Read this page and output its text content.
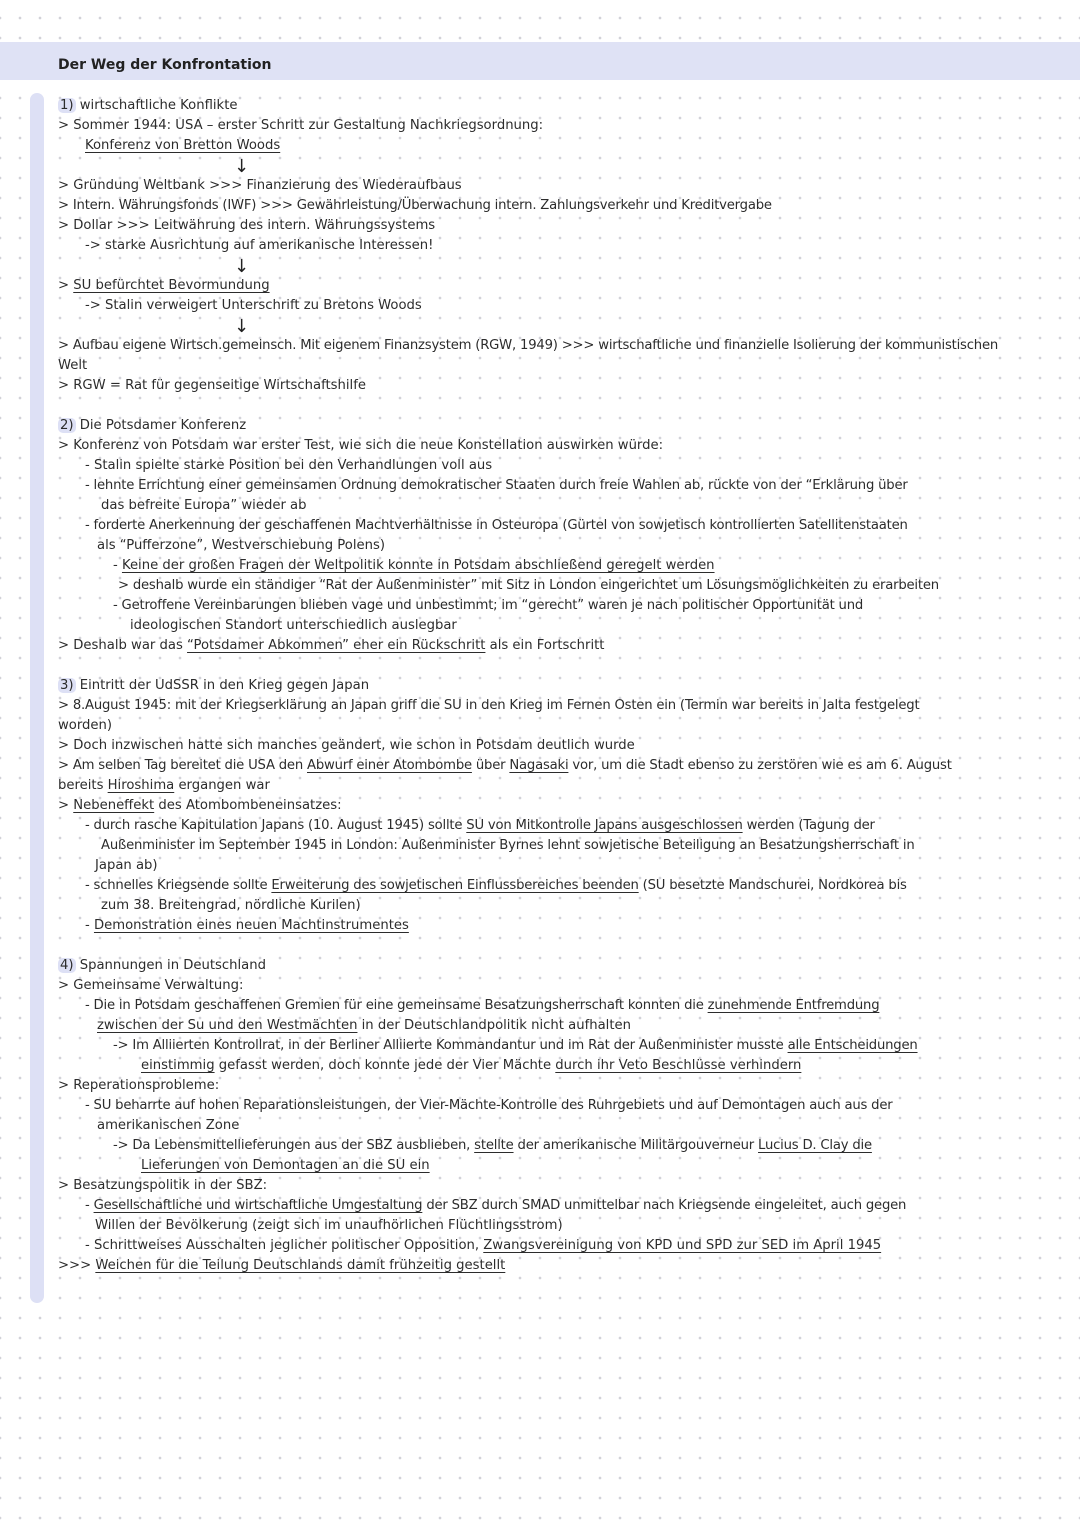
Der Weg der Konfrontation
1) wirtschaftliche Konflikte
> Sommer 1944: USA – erster Schritt zur Gestaltung Nachkriegsordnung:
Konferenz von Bretton Woods
↓
> Gründung Weltbank >>> Finanzierung des Wiederaufbaus
> Intern. Währungsfonds (IWF) >>> Gewährleistung/Überwachung intern. Zahlungsverkehr und Kreditvergabe
> Dollar >>> Leitwährung des intern. Währungssystems
-> starke Ausrichtung auf amerikanische Interessen!
↓
> SU befürchtet Bevormundung
-> Stalin verweigert Unterschrift zu Bretons Woods
↓
> Aufbau eigene Wirtsch.gemeinsch. Mit eigenem Finanzsystem (RGW, 1949) >>> wirtschaftliche und finanzielle Isolierung der kommunistischen
Welt
> RGW = Rat für gegenseitige Wirtschaftshilfe
2) Die Potsdamer Konferenz
> Konferenz von Potsdam war erster Test, wie sich die neue Konstellation auswirken würde:
- Stalin spielte starke Position bei den Verhandlungen voll aus
- lehnte Errichtung einer gemeinsamen Ordnung demokratischer Staaten durch freie Wahlen ab, rückte von der “Erklärung über
das befreite Europa” wieder ab
- forderte Anerkennung der geschaffenen Machtverhältnisse in Osteuropa (Gürtel von sowjetisch kontrollierten Satellitenstaaten
als “Pufferzone”, Westverschiebung Polens)
- Keine der großen Fragen der Weltpolitik konnte in Potsdam abschließend geregelt werden
> deshalb wurde ein ständiger “Rat der Außenminister” mit Sitz in London eingerichtet um Lösungsmöglichkeiten zu erarbeiten
- Getroffene Vereinbarungen blieben vage und unbestimmt; im “gerecht” waren je nach politischer Opportunität und
ideologischen Standort unterschiedlich auslegbar
> Deshalb war das “Potsdamer Abkommen” eher ein Rückschritt als ein Fortschritt
3) Eintritt der UdSSR in den Krieg gegen Japan
> 8.August 1945: mit der Kriegserklärung an Japan griff die SU in den Krieg im Fernen Osten ein (Termin war bereits in Jalta festgelegt
worden)
> Doch inzwischen hatte sich manches geändert, wie schon in Potsdam deutlich wurde
> Am selben Tag bereitet die USA den Abwurf einer Atombombe über Nagasaki vor, um die Stadt ebenso zu zerstören wie es am 6. August
bereits Hiroshima ergangen war
> Nebeneffekt des Atombombeneinsatzes:
- durch rasche Kapitulation Japans (10. August 1945) sollte SU von Mitkontrolle Japans ausgeschlossen werden (Tagung der
Außenminister im September 1945 in London: Außenminister Byrnes lehnt sowjetische Beteiligung an Besatzungsherrschaft in
Japan ab)
- schnelles Kriegsende sollte Erweiterung des sowjetischen Einflussbereiches beenden (SU besetzte Mandschurei, Nordkorea bis
zum 38. Breitengrad, nördliche Kurilen)
- Demonstration eines neuen Machtinstrumentes
4) Spannungen in Deutschland
> Gemeinsame Verwaltung:
- Die in Potsdam geschaffenen Gremien für eine gemeinsame Besatzungsherrschaft konnten die zunehmende Entfremdung
zwischen der Su und den Westmächten in der Deutschlandpolitik nicht aufhalten
-> Im Alliierten Kontrollrat, in der Berliner Alliierte Kommandantur und im Rat der Außenminister musste alle Entscheidungen
einstimmig gefasst werden, doch konnte jede der Vier Mächte durch ihr Veto Beschlüsse verhindern
> Reperationsprobleme:
- SU beharrte auf hohen Reparationsleistungen, der Vier-Mächte-Kontrolle des Ruhrgebiets und auf Demontagen auch aus der
amerikanischen Zone
-> Da Lebensmittellieferungen aus der SBZ ausblieben, stellte der amerikanische Militärgouverneur Lucius D. Clay die
Lieferungen von Demontagen an die SU ein
> Besatzungspolitik in der SBZ:
- Gesellschaftliche und wirtschaftliche Umgestaltung der SBZ durch SMAD unmittelbar nach Kriegsende eingeleitet, auch gegen
Willen der Bevölkerung (zeigt sich im unaufhörlichen Flüchtlingsstrom)
- Schrittweises Ausschalten jeglicher politischer Opposition, Zwangsvereinigung von KPD und SPD zur SED im April 1945
>>> Weichen für die Teilung Deutschlands damit frühzeitig gestellt
